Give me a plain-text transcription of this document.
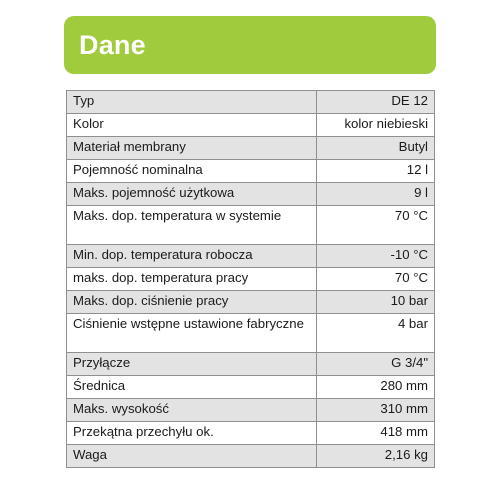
Dane
Typ	DE 12
Kolor	kolor niebieski
Materiał membrany	Butyl
Pojemność nominalna	12 l
Maks. pojemność użytkowa	9 l
Maks. dop. temperatura w systemie	70 °C
Min. dop. temperatura robocza	-10 °C
maks. dop. temperatura pracy	70 °C
Maks. dop. ciśnienie pracy	10 bar
Ciśnienie wstępne ustawione fabryczne	4 bar
Przyłącze	G 3/4"
Średnica	280 mm
Maks. wysokość	310 mm
Przekątna przechyłu ok.	418 mm
Waga	2,16 kg
